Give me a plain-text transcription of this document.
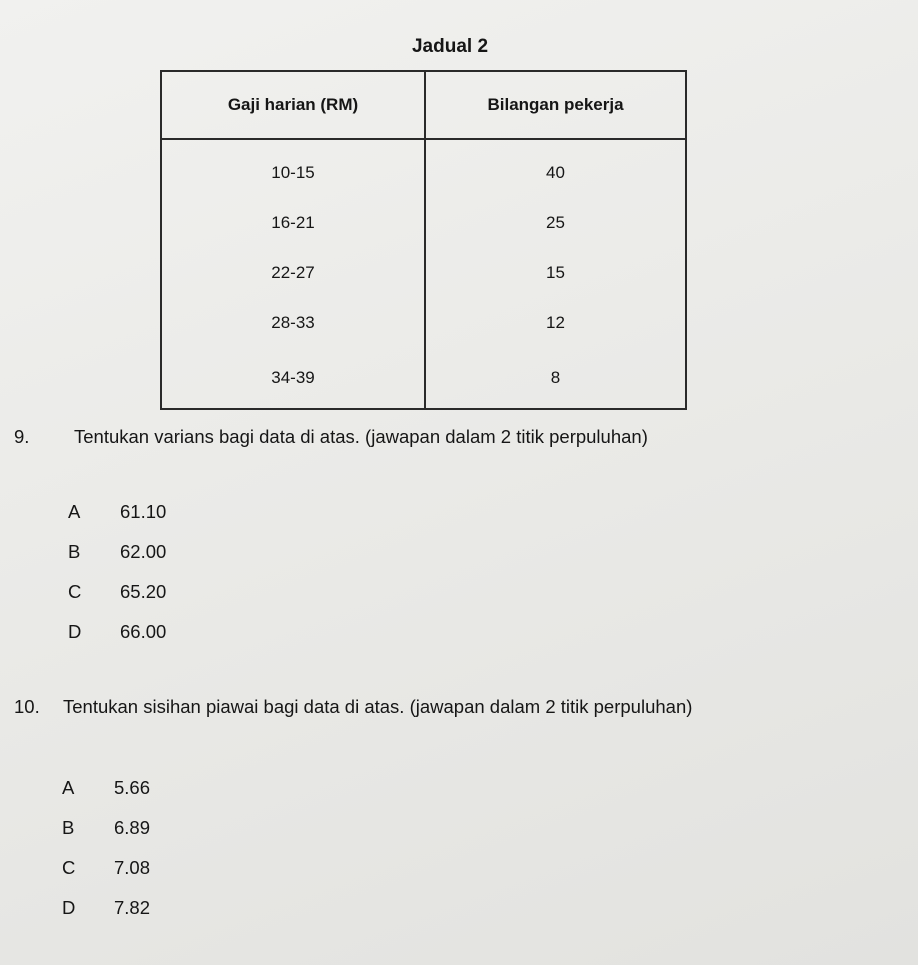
Jadual 2
Gaji harian (RM)	Bilangan pekerja
10-15	40
16-21	25
22-27	15
28-33	12
34-39	8
9. Tentukan varians bagi data di atas. (jawapan dalam 2 titik perpuluhan)
A	61.10
B	62.00
C	65.20
D	66.00
10. Tentukan sisihan piawai bagi data di atas. (jawapan dalam 2 titik perpuluhan)
A	5.66
B	6.89
C	7.08
D	7.82
